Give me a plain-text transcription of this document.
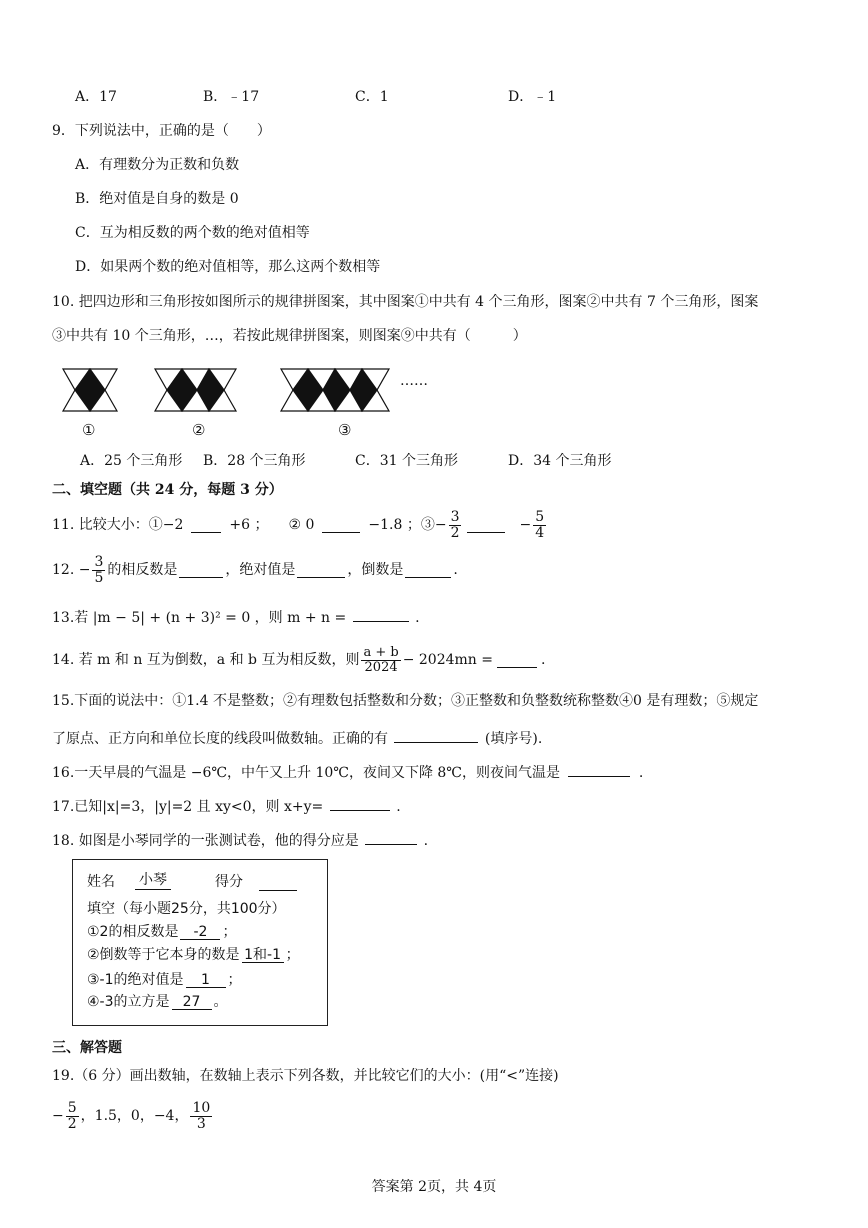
A．17	B．﹣17	C．1	D．﹣1
9．下列说法中，正确的是（　　）
A．有理数分为正数和负数
B．绝对值是自身的数是 0
C．互为相反数的两个数的绝对值相等
D．如果两个数的绝对值相等，那么这两个数相等
10. 把四边形和三角形按如图所示的规律拼图案，其中图案①中共有 4 个三角形，图案②中共有 7 个三角形，图案
③中共有 10 个三角形，…，若按此规律拼图案，则图案⑨中共有（　　　）
……
①	②	③
A．25 个三角形 B．28 个三角形	C．31 个三角形	D．34 个三角形
二、填空题（共 24 分，每题 3 分）
11. 比较大小：①−2	+6 ； ② 0	−1.8 ；③− $\frac{3}{2}$	− $\frac{5}{4}$
12. − $\frac{3}{5}$ 的相反数是	，绝对值是	，倒数是	.
13.若 |m − 5| + (n + 3)² = 0 ，则 m + n =	.
14. 若 m 和 n 互为倒数，a 和 b 互为相反数，则 $\frac{a + b}{2024} - 2024mn$ =	.
15.下面的说法中：①1.4 不是整数；②有理数包括整数和分数；③正整数和负整数统称整数④0 是有理数；⑤规定
了原点、正方向和单位长度的线段叫做数轴。正确的有	(填序号).
16.一天早晨的气温是 −6℃，中午又上升 10℃，夜间又下降 8℃，则夜间气温是	.
17.已知|x|=3，|y|=2 且 xy<0，则 x+y=	.
18. 如图是小琴同学的一张测试卷，他的得分应是	.
姓名 小琴	得分
填空（每小题25分，共100分）
①2的相反数是 -2 ；
②倒数等于它本身的数是 1和-1 ；
③-1的绝对值是 1 ；
④-3的立方是 27 。
三、解答题
19.（6 分）画出数轴，在数轴上表示下列各数，并比较它们的大小：(用“<”连接)
− $\frac{5}{2}$ ，1.5，0，−4， $\frac{10}{3}$
答案第 2页，共 4页
